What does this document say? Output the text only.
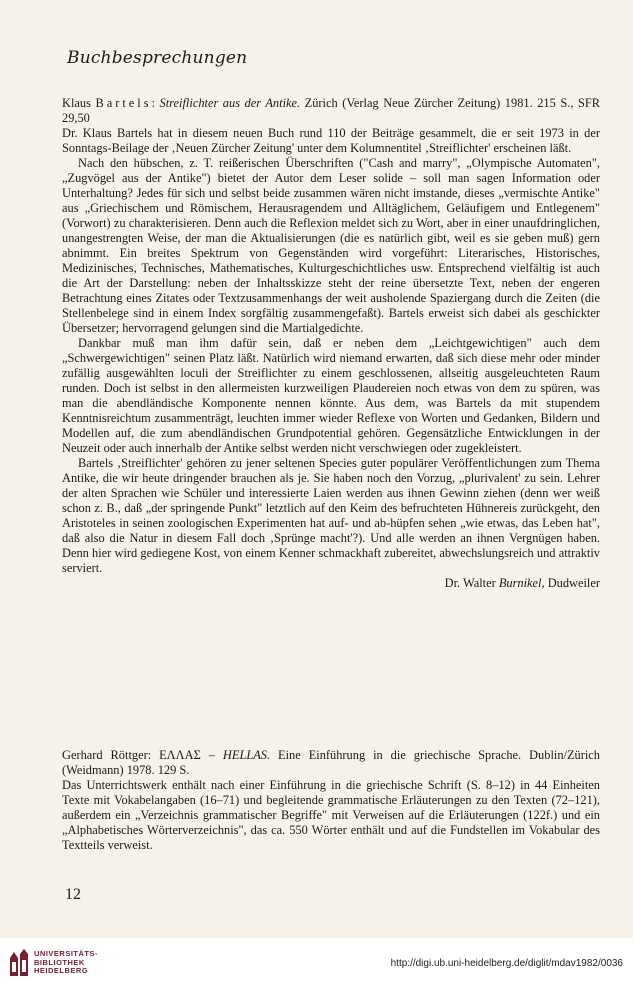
Buchbesprechungen

Klaus Bartels: Streiflichter aus der Antike. Zürich (Verlag Neue Zürcher Zeitung) 1981. 215 S., SFR 29,50

Dr. Klaus Bartels hat in diesem neuen Buch rund 110 der Beiträge gesammelt, die er seit 1973 in der Sonntags-Beilage der ‚Neuen Zürcher Zeitung' unter dem Kolumnentitel ‚Streiflichter' erscheinen läßt.

Nach den hübschen, z. T. reißerischen Überschriften ("Cash and marry", „Olympische Automaten", „Zugvögel aus der Antike") bietet der Autor dem Leser solide – soll man sagen Information oder Unterhaltung? Jedes für sich und selbst beide zusammen wären nicht imstande, dieses „vermischte Antike" aus „Griechischem und Römischem, Herausragendem und Alltäglichem, Geläufigem und Entlegenem" (Vorwort) zu charakterisieren. Denn auch die Reflexion meldet sich zu Wort, aber in einer unaufdringlichen, unangestrengten Weise, der man die Aktualisierungen (die es natürlich gibt, weil es sie geben muß) gern abnimmt. Ein breites Spektrum von Gegenständen wird vorgeführt: Literarisches, Historisches, Medizinisches, Technisches, Mathematisches, Kulturgeschichtliches usw. Entsprechend vielfältig ist auch die Art der Darstellung: neben der Inhaltsskizze steht der reine übersetzte Text, neben der engeren Betrachtung eines Zitates oder Textzusammenhangs der weit ausholende Spaziergang durch die Zeiten (die Stellenbelege sind in einem Index sorgfältig zusammengefaßt). Bartels erweist sich dabei als geschickter Übersetzer; hervorragend gelungen sind die Martialgedichte.

Dankbar muß man ihm dafür sein, daß er neben dem „Leichtgewichtigen" auch dem „Schwergewichtigen" seinen Platz läßt. Natürlich wird niemand erwarten, daß sich diese mehr oder minder zufällig ausgewählten loculi der Streiflichter zu einem geschlossenen, allseitig ausgeleuchteten Raum runden. Doch ist selbst in den allermeisten kurzweiligen Plaudereien noch etwas von dem zu spüren, was man die abendländische Komponente nennen könnte. Aus dem, was Bartels da mit stupendem Kenntnisreichtum zusammenträgt, leuchten immer wieder Reflexe von Worten und Gedanken, Bildern und Modellen auf, die zum abendländischen Grundpotential gehören. Gegensätzliche Entwicklungen in der Neuzeit oder auch innerhalb der Antike selbst werden nicht verschwiegen oder zugekleistert.

Bartels ‚Streiflichter' gehören zu jener seltenen Species guter populärer Veröffentlichungen zum Thema Antike, die wir heute dringender brauchen als je. Sie haben noch den Vorzug, „plurivalent' zu sein. Lehrer der alten Sprachen wie Schüler und interessierte Laien werden aus ihnen Gewinn ziehen (denn wer weiß schon z. B., daß „der springende Punkt" letztlich auf den Keim des befruchteten Hühnereis zurückgeht, den Aristoteles in seinen zoologischen Experimenten hat auf- und ab-hüpfen sehen „wie etwas, das Leben hat", daß also die Natur in diesem Fall doch ‚Sprünge macht'?). Und alle werden an ihnen Vergnügen haben. Denn hier wird gediegene Kost, von einem Kenner schmackhaft zubereitet, abwechslungsreich und attraktiv serviert.

Dr. Walter Burnikel, Dudweiler

Gerhard Röttger: ΕΛΛΑΣ – HELLAS. Eine Einführung in die griechische Sprache. Dublin/Zürich (Weidmann) 1978. 129 S.

Das Unterrichtswerk enthält nach einer Einführung in die griechische Schrift (S. 8–12) in 44 Einheiten Texte mit Vokabelangaben (16–71) und begleitende grammatische Erläuterungen zu den Texten (72–121), außerdem ein „Verzeichnis grammatischer Begriffe" mit Verweisen auf die Erläuterungen (122f.) und ein „Alphabetisches Wörterverzeichnis", das ca. 550 Wörter enthält und auf die Fundstellen im Vokabular des Textteils verweist.

12
UNIVERSITÄTS-
BIBLIOTHEK
HEIDELBERG
http://digi.ub.uni-heidelberg.de/diglit/mdav1982/0036
